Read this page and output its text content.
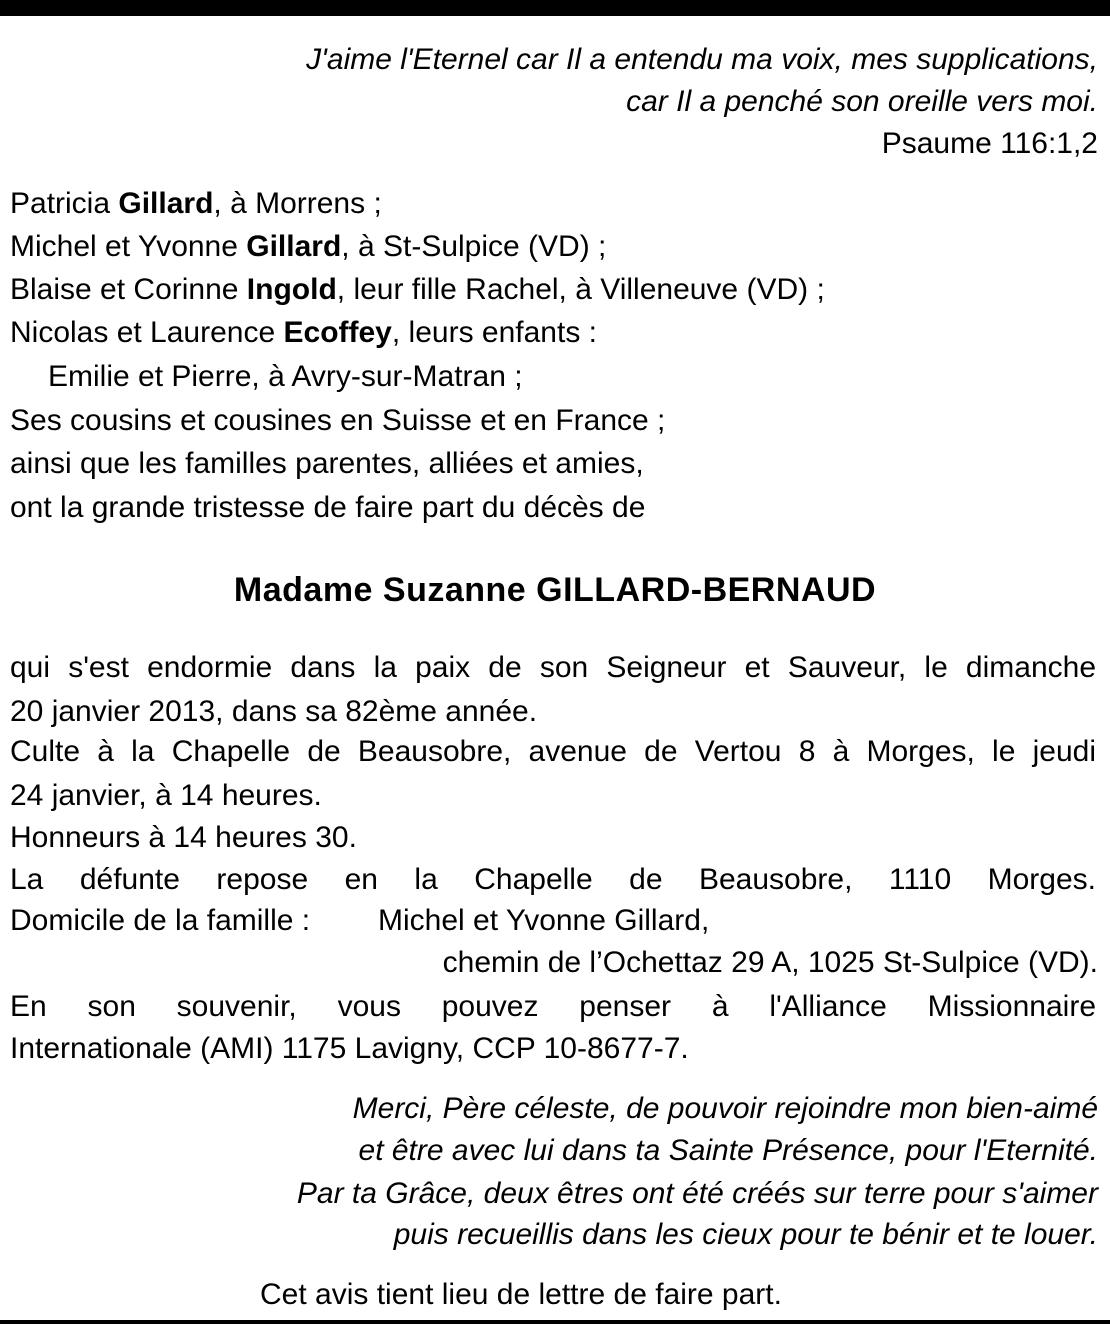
J'aime l'Eternel car Il a entendu ma voix, mes supplications,
car Il a penché son oreille vers moi.
Psaume 116:1,2
Patricia Gillard, à Morrens ;
Michel et Yvonne Gillard, à St-Sulpice (VD) ;
Blaise et Corinne Ingold, leur fille Rachel, à Villeneuve (VD) ;
Nicolas et Laurence Ecoffey, leurs enfants :
Emilie et Pierre, à Avry-sur-Matran ;
Ses cousins et cousines en Suisse et en France ;
ainsi que les familles parentes, alliées et amies,
ont la grande tristesse de faire part du décès de
Madame Suzanne GILLARD-BERNAUD
qui s'est endormie dans la paix de son Seigneur et Sauveur, le dimanche
20 janvier 2013, dans sa 82ème année.
Culte à la Chapelle de Beausobre, avenue de Vertou 8 à Morges, le jeudi
24 janvier, à 14 heures.
Honneurs à 14 heures 30.
La défunte repose en la Chapelle de Beausobre, 1110 Morges.
Domicile de la famille : Michel et Yvonne Gillard,
chemin de l’Ochettaz 29 A, 1025 St-Sulpice (VD).
En son souvenir, vous pouvez penser à l'Alliance Missionnaire
Internationale (AMI) 1175 Lavigny, CCP 10-8677-7.
Merci, Père céleste, de pouvoir rejoindre mon bien-aimé
et être avec lui dans ta Sainte Présence, pour l'Eternité.
Par ta Grâce, deux êtres ont été créés sur terre pour s'aimer
puis recueillis dans les cieux pour te bénir et te louer.
Cet avis tient lieu de lettre de faire part.
